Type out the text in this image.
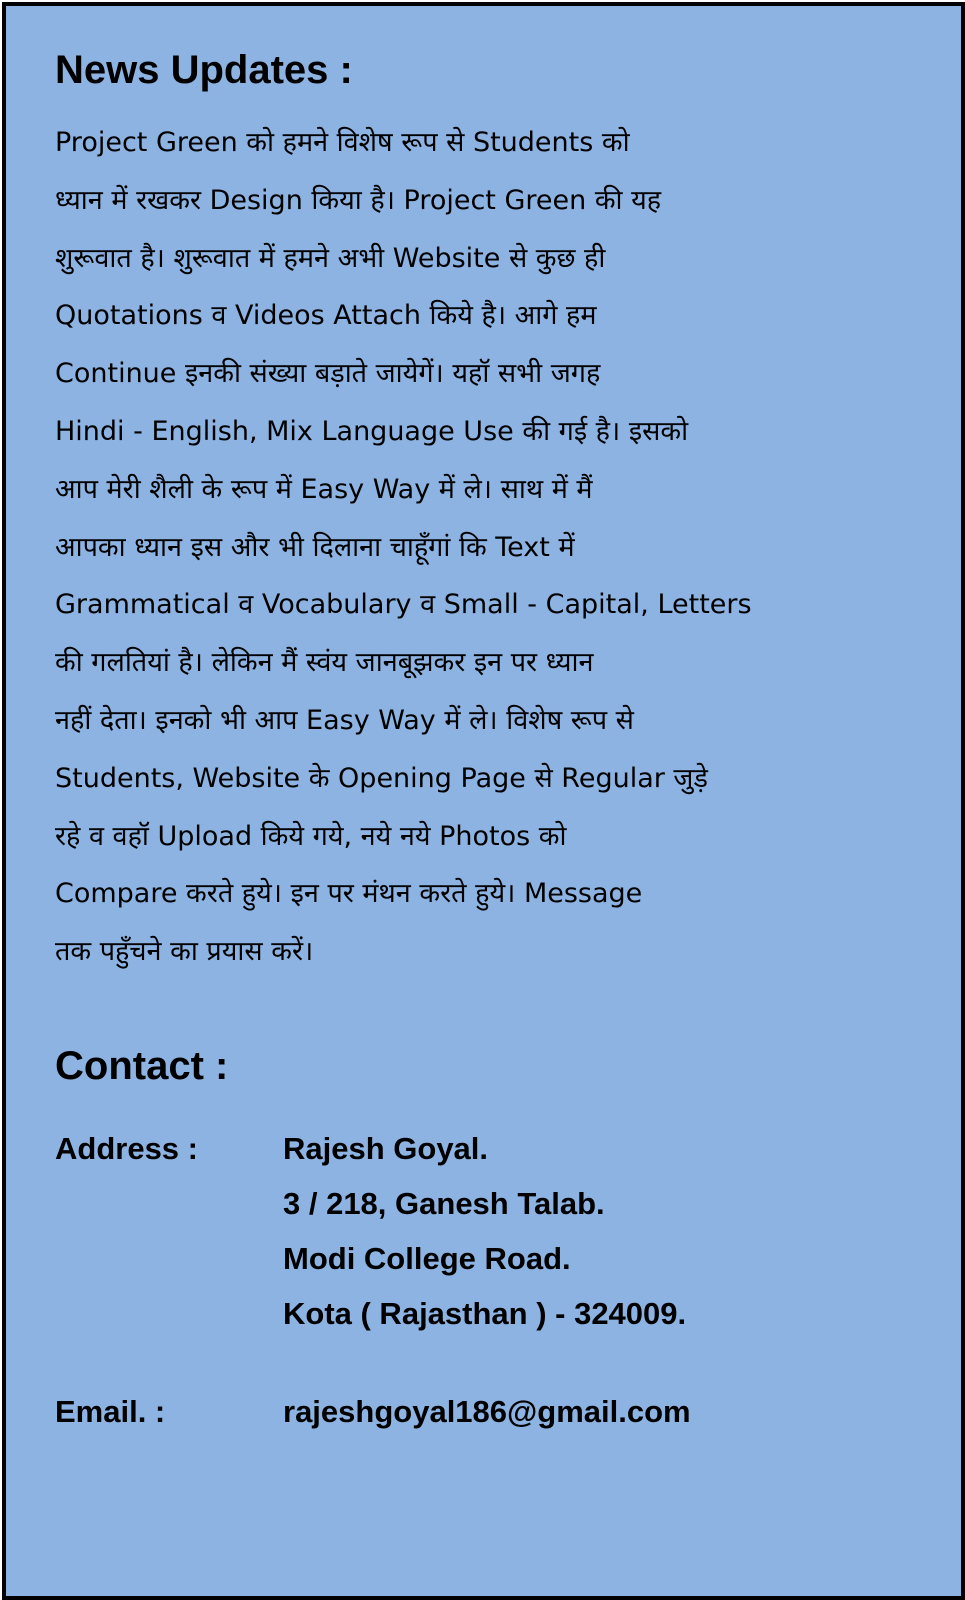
News Updates :
Project Green को हमने विशेष रूप से Students को
ध्यान में रखकर Design किया है। Project Green की यह
शुरूवात है। शुरूवात में हमने अभी Website से कुछ ही
Quotations व Videos Attach किये है। आगे हम
Continue इनकी संख्या बड़ाते जायेगें। यहॉ सभी जगह
Hindi - English, Mix Language Use की गई है। इसको
आप मेरी शैली के रूप में Easy Way में ले। साथ में मैं
आपका ध्यान इस और भी दिलाना चाहूँगां कि Text में
Grammatical व Vocabulary व Small - Capital, Letters
की गलतियां है। लेकिन मैं स्वंय जानबूझकर इन पर ध्यान
नहीं देता। इनको भी आप Easy Way में ले। विशेष रूप से
Students, Website के Opening Page से Regular जुड़े
रहे व वहॉ Upload किये गये, नये नये Photos को
Compare करते हुये। इन पर मंथन करते हुये। Message
तक पहुँचने का प्रयास करें।
Contact :
Address :	Rajesh Goyal.
3 / 218, Ganesh Talab.
Modi College Road.
Kota ( Rajasthan ) - 324009.
Email. :	rajeshgoyal186@gmail.com
